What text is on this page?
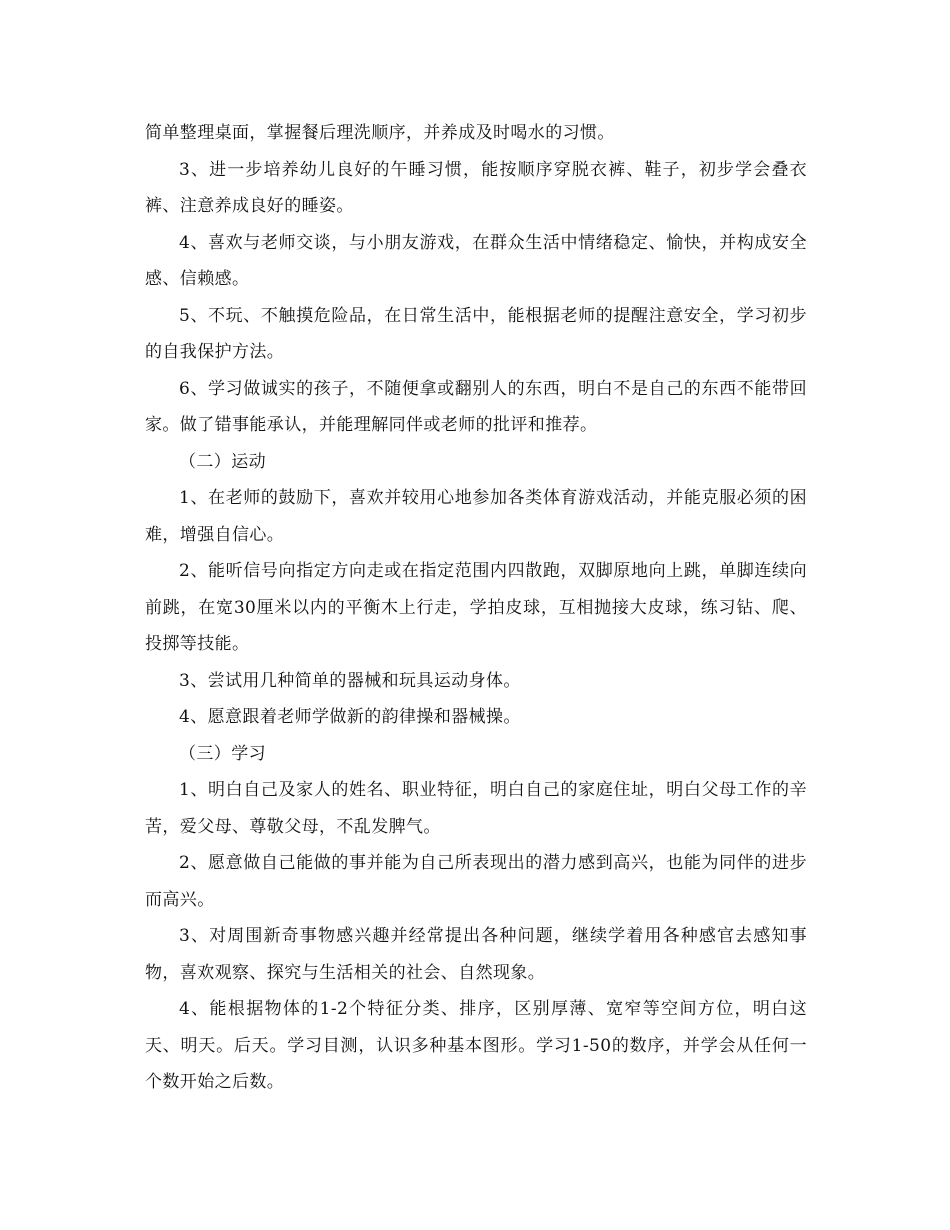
简单整理桌面，掌握餐后理洗顺序，并养成及时喝水的习惯。

3、进一步培养幼儿良好的午睡习惯，能按顺序穿脱衣裤、鞋子，初步学会叠衣裤、注意养成良好的睡姿。

4、喜欢与老师交谈，与小朋友游戏，在群众生活中情绪稳定、愉快，并构成安全感、信赖感。

5、不玩、不触摸危险品，在日常生活中，能根据老师的提醒注意安全，学习初步的自我保护方法。

6、学习做诚实的孩子，不随便拿或翻别人的东西，明白不是自己的东西不能带回家。做了错事能承认，并能理解同伴或老师的批评和推荐。

（二）运动

1、在老师的鼓励下，喜欢并较用心地参加各类体育游戏活动，并能克服必须的困难，增强自信心。

2、能听信号向指定方向走或在指定范围内四散跑，双脚原地向上跳，单脚连续向前跳，在宽30厘米以内的平衡木上行走，学拍皮球，互相抛接大皮球，练习钻、爬、投掷等技能。

3、尝试用几种简单的器械和玩具运动身体。

4、愿意跟着老师学做新的韵律操和器械操。

（三）学习

1、明白自己及家人的姓名、职业特征，明白自己的家庭住址，明白父母工作的辛苦，爱父母、尊敬父母，不乱发脾气。

2、愿意做自己能做的事并能为自己所表现出的潜力感到高兴，也能为同伴的进步而高兴。

3、对周围新奇事物感兴趣并经常提出各种问题，继续学着用各种感官去感知事物，喜欢观察、探究与生活相关的社会、自然现象。

4、能根据物体的1-2个特征分类、排序，区别厚薄、宽窄等空间方位，明白这天、明天。后天。学习目测，认识多种基本图形。学习1-50的数序，并学会从任何一个数开始之后数。
